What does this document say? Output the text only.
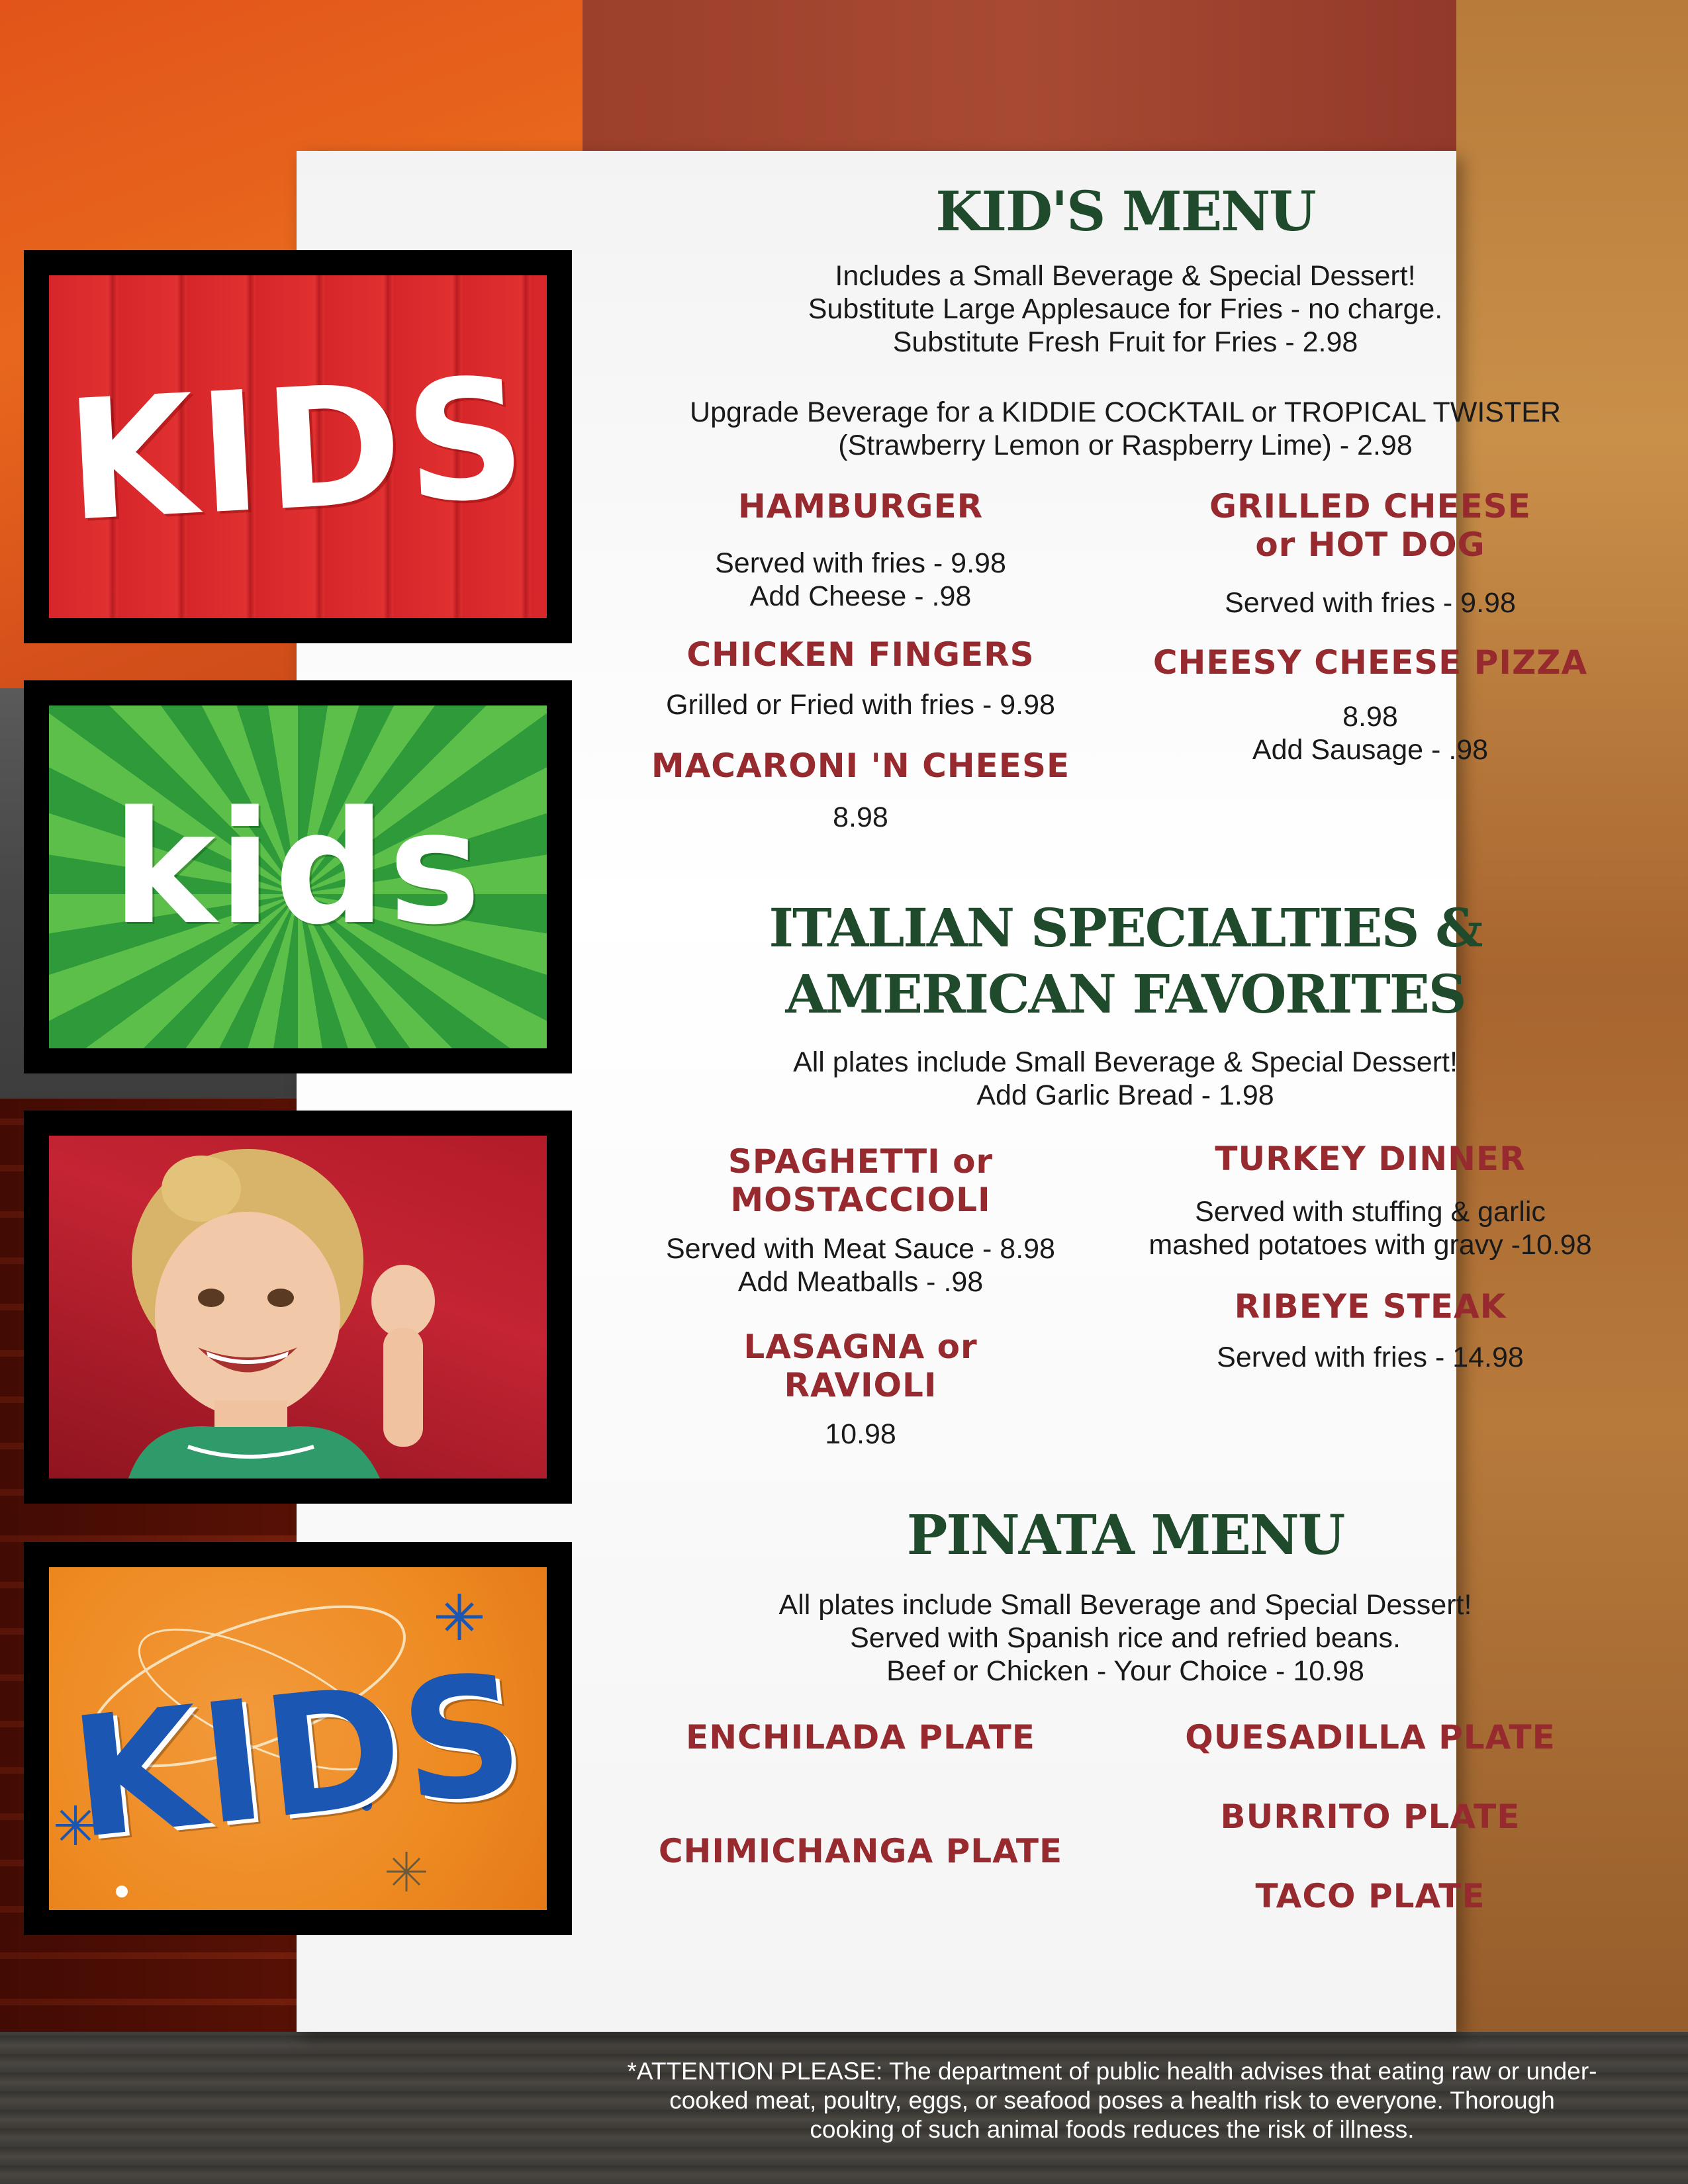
KIDS
kids
KIDS
KID'S MENU

Includes a Small Beverage & Special Dessert!
Substitute Large Applesauce for Fries - no charge.
Substitute Fresh Fruit for Fries - 2.98

Upgrade Beverage for a KIDDIE COCKTAIL or TROPICAL TWISTER
(Strawberry Lemon or Raspberry Lime) - 2.98

HAMBURGER
Served with fries - 9.98
Add Cheese - .98
CHICKEN FINGERS
Grilled or Fried with fries - 9.98
MACARONI 'N CHEESE
8.98
GRILLED CHEESE
or HOT DOG
Served with fries - 9.98
CHEESY CHEESE PIZZA
8.98
Add Sausage - .98
ITALIAN SPECIALTIES &
AMERICAN FAVORITES

All plates include Small Beverage & Special Dessert!
Add Garlic Bread - 1.98

SPAGHETTI or
MOSTACCIOLI
Served with Meat Sauce - 8.98
Add Meatballs - .98
LASAGNA or
RAVIOLI
10.98
TURKEY DINNER
Served with stuffing & garlic
mashed potatoes with gravy -10.98
RIBEYE STEAK
Served with fries - 14.98
PINATA MENU

All plates include Small Beverage and Special Dessert!
Served with Spanish rice and refried beans.
Beef or Chicken - Your Choice - 10.98

ENCHILADA PLATE
CHIMICHANGA PLATE
QUESADILLA PLATE
BURRITO PLATE
TACO PLATE
*ATTENTION PLEASE: The department of public health advises that eating raw or under-
cooked meat, poultry, eggs, or seafood poses a health risk to everyone. Thorough
cooking of such animal foods reduces the risk of illness.
